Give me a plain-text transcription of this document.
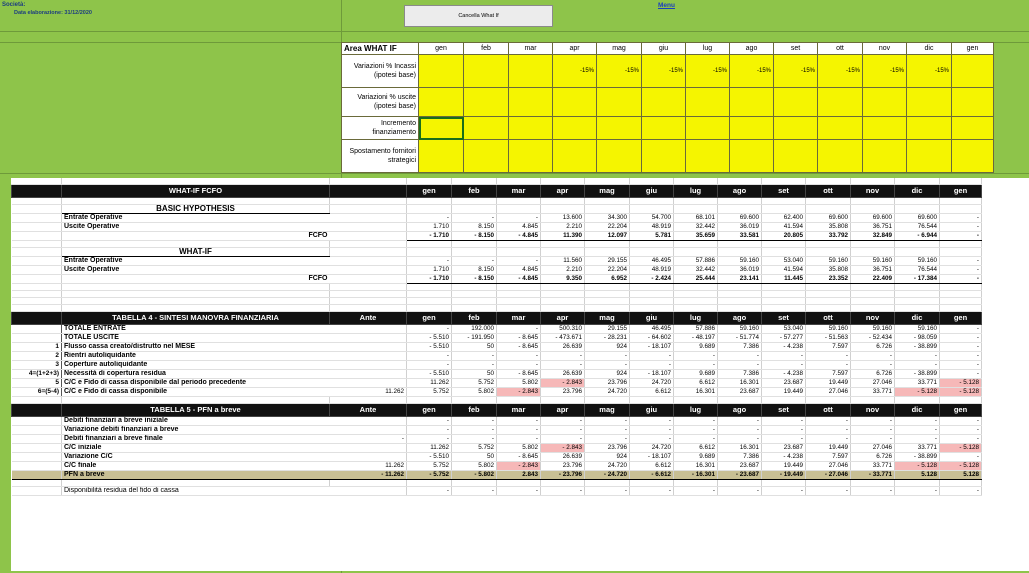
Società:
Data elaborazione: 31/12/2020	Cancella What If
Menu
Area WHAT IF	gen	feb	mar	apr	mag	giu	lug	ago	set	ott	nov	dic	gen
Variazioni % Incassi (ipotesi base)				-15%	-15%	-15%	-15%	-15%	-15%	-15%	-15%	-15%	
Variazioni % uscite (ipotesi base)													
Incremento finanziamento													
Spostamento fornitori strategici													

	WHAT-IF FCFO		gen	feb	mar	apr	mag	giu	lug	ago	set	ott	nov	dic	gen

	BASIC HYPOTHESIS														
	Entrate Operative		-	-	-	13.600	34.300	54.700	68.101	69.600	62.400	69.600	69.600	69.600	-
	Uscite Operative		1.710	8.150	4.845	2.210	22.204	48.919	32.442	36.019	41.594	35.808	36.751	76.544	-
	FCFO		- 1.710	- 8.150	- 4.845	11.390	12.097	5.781	35.659	33.581	20.805	33.792	32.849	- 6.944	-

	WHAT-IF														
	Entrate Operative		-	-	-	11.560	29.155	46.495	57.886	59.160	53.040	59.160	59.160	59.160	-
	Uscite Operative		1.710	8.150	4.845	2.210	22.204	48.919	32.442	36.019	41.594	35.808	36.751	76.544	-
	FCFO		- 1.710	- 8.150	- 4.845	9.350	6.952	- 2.424	25.444	23.141	11.445	23.352	22.409	- 17.384	-

	TABELLA 4 - SINTESI MANOVRA FINANZIARIA	Ante	gen	feb	mar	apr	mag	giu	lug	ago	set	ott	nov	dic	gen
	TOTALE ENTRATE		-	192.000	-	500.310	29.155	46.495	57.886	59.160	53.040	59.160	59.160	59.160	-
	TOTALE USCITE		- 5.510	- 191.950	- 8.645	- 473.671	- 28.231	- 64.602	- 48.197	- 51.774	- 57.277	- 51.563	- 52.434	- 98.059	-
1	Flusso cassa creato/distrutto nel MESE		- 5.510	50	- 8.645	26.639	924	- 18.107	9.689	7.386	- 4.238	7.597	6.726	- 38.899	-
2	Rientri autoliquidante		-	-	-	-	-	-	-	-	-	-	-	-	-
3	Coperture autoliquidante		-	-	-	-	-	-	-	-	-	-	-	-	-
4=(1+2+3)	Necessità di copertura residua		- 5.510	50	- 8.645	26.639	924	- 18.107	9.689	7.386	- 4.238	7.597	6.726	- 38.899	-
5	C/C e Fido di cassa disponibile dal periodo precedente		11.262	5.752	5.802	- 2.843	23.796	24.720	6.612	16.301	23.687	19.449	27.046	33.771	- 5.128
6=(5-4)	C/C e Fido di cassa disponibile	11.262	5.752	5.802	- 2.843	23.796	24.720	6.612	16.301	23.687	19.449	27.046	33.771	- 5.128	- 5.128

	TABELLA 5 - PFN a breve	Ante	gen	feb	mar	apr	mag	giu	lug	ago	set	ott	nov	dic	gen
	Debiti finanziari a breve iniziale		-	-	-	-	-	-	-	-	-	-	-	-	-
	Variazione debiti finanziari a breve		-	-	-	-	-	-	-	-	-	-	-	-	-
	Debiti finanziari a breve finale	-	-	-	-	-	-	-	-	-	-	-	-	-	-
	C/C iniziale		11.262	5.752	5.802	- 2.843	23.796	24.720	6.612	16.301	23.687	19.449	27.046	33.771	- 5.128
	Variazione C/C		- 5.510	50	- 8.645	26.639	924	- 18.107	9.689	7.386	- 4.238	7.597	6.726	- 38.899	-
	C/C finale	11.262	5.752	5.802	- 2.843	23.796	24.720	6.612	16.301	23.687	19.449	27.046	33.771	- 5.128	- 5.128
	PFN a breve	- 11.262	- 5.752	- 5.802	2.843	- 23.796	- 24.720	- 6.612	- 16.301	- 23.687	- 19.449	- 27.046	- 33.771	5.128	5.128

	Disponibilità residua del fido di cassa		-	-	-	-	-	-	-	-	-	-	-	-	-
